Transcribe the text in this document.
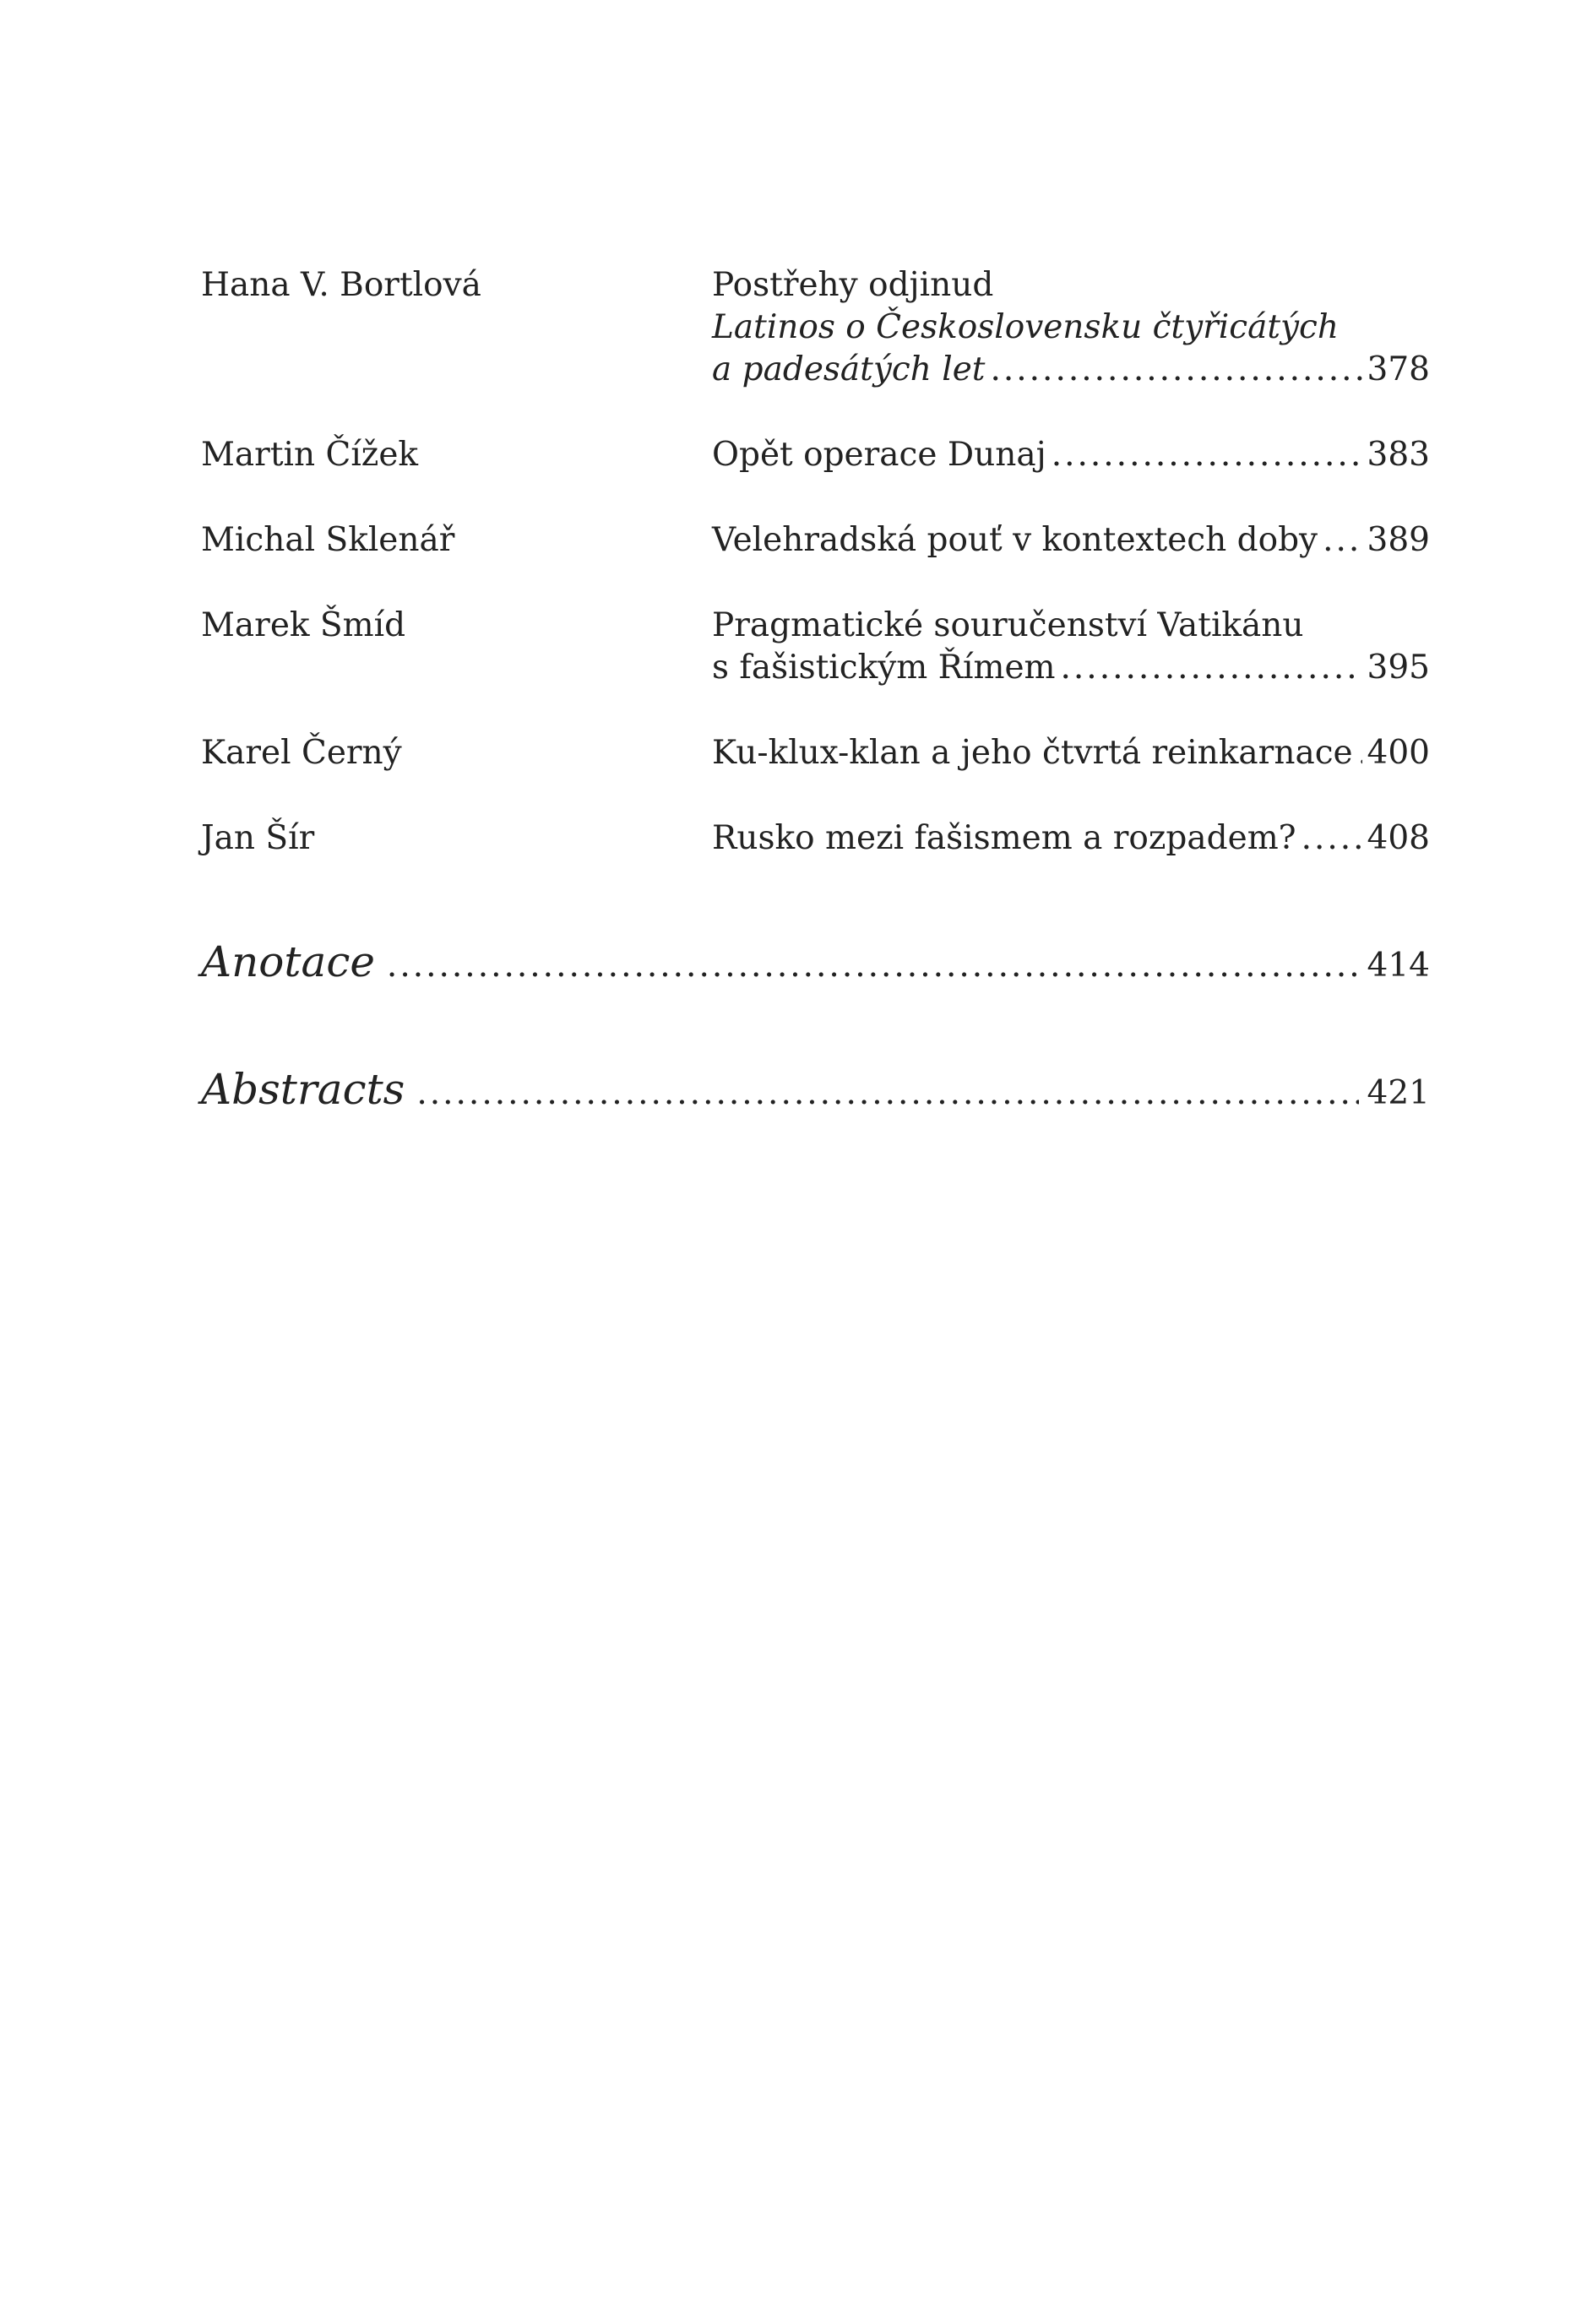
Hana V. Bortlová	Postřehy odjinud
Latinos o Československu čtyřicátých
a padesátých let .....	378
Martin Čížek	Opět operace Dunaj .....	383
Michal Sklenář	Velehradská pouť v kontextech doby ..... 389
Marek Šmíd	Pragmatické souručenství Vatikánu
s fašistickým Římem .....	395
Karel Černý	Ku-klux-klan a jeho čtvrtá reinkarnace ..... 400
Jan Šír	Rusko mezi fašismem a rozpadem? ..... 408
Anotace .....	414
Abstracts .....	421
